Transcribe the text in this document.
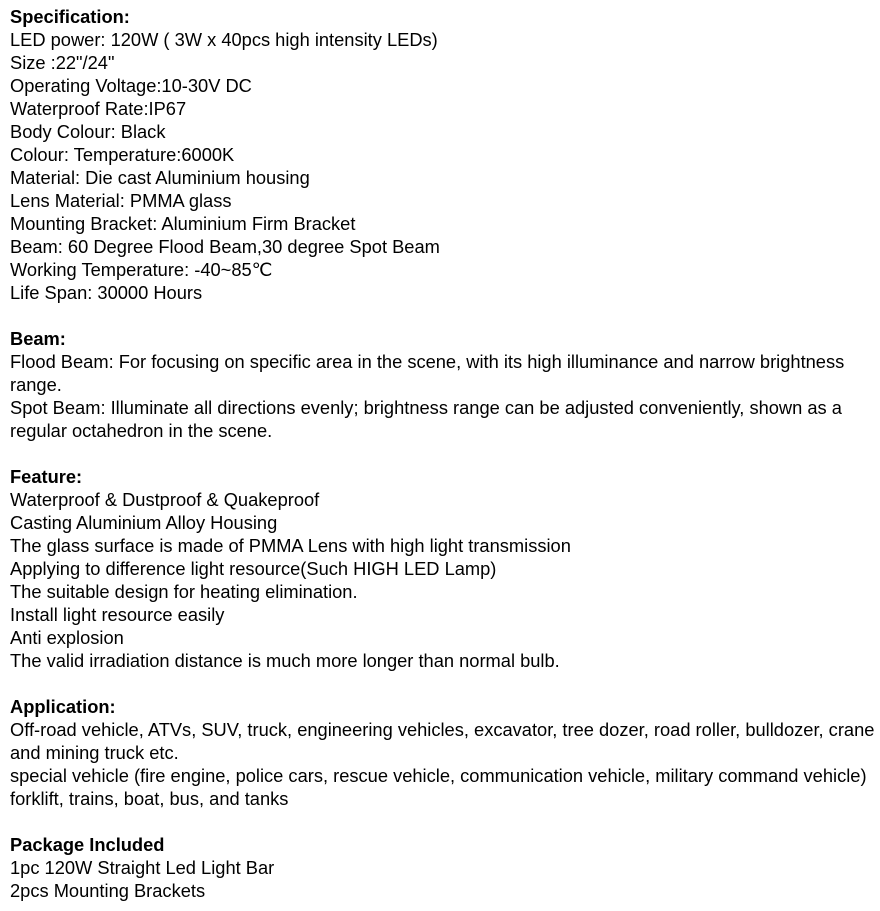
Specification:

LED power: 120W ( 3W x 40pcs high intensity LEDs)

Size :22"/24"

Operating Voltage:10-30V DC

Waterproof Rate:IP67

Body Colour: Black

Colour: Temperature:6000K

Material: Die cast Aluminium housing

Lens Material: PMMA glass

Mounting Bracket: Aluminium Firm Bracket

Beam: 60 Degree Flood Beam,30 degree Spot Beam

Working Temperature: -40~85℃

Life Span: 30000 Hours

Beam:

Flood Beam: For focusing on specific area in the scene, with its high illuminance and narrow brightness range.

Spot Beam: Illuminate all directions evenly; brightness range can be adjusted conveniently, shown as a regular octahedron in the scene.

Feature:

Waterproof & Dustproof & Quakeproof

Casting Aluminium Alloy Housing

The glass surface is made of PMMA Lens with high light transmission

Applying to difference light resource(Such HIGH LED Lamp)

The suitable design for heating elimination.

Install light resource easily

Anti explosion

The valid irradiation distance is much more longer than normal bulb.

Application:

Off-road vehicle, ATVs, SUV, truck, engineering vehicles, excavator, tree dozer, road roller, bulldozer, crane and mining truck etc.

special vehicle (fire engine, police cars, rescue vehicle, communication vehicle, military command vehicle) forklift, trains, boat, bus, and tanks

Package Included

1pc 120W Straight Led Light Bar

2pcs Mounting Brackets
